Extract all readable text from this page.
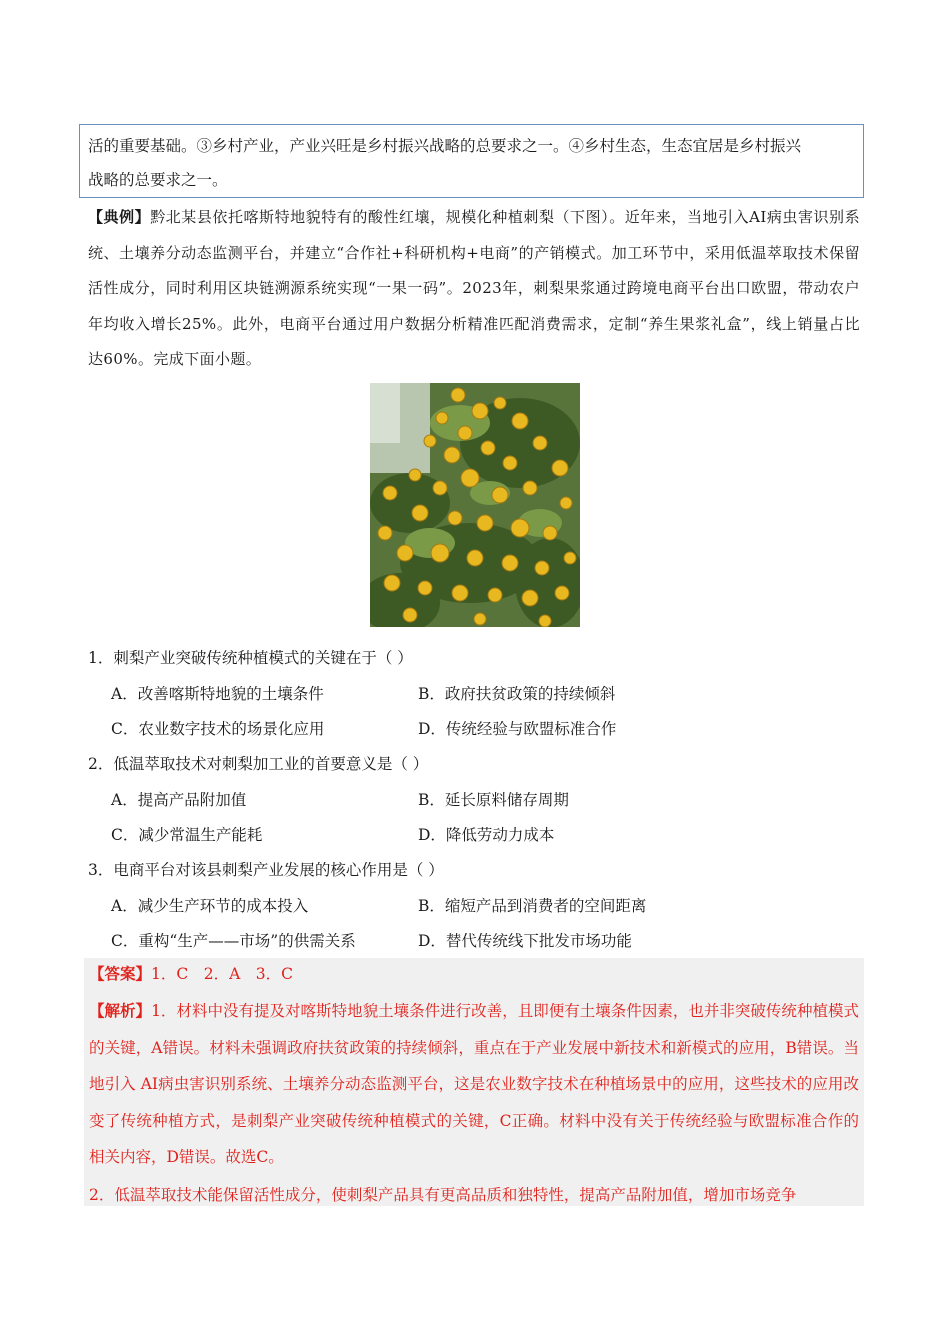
活的重要基础。③乡村产业，产业兴旺是乡村振兴战略的总要求之一。④乡村生态，生态宜居是乡村振兴
战略的总要求之一。
【典例】黔北某县依托喀斯特地貌特有的酸性红壤，规模化种植刺梨（下图）。近年来，当地引入AI病虫害识别系统、土壤养分动态监测平台，并建立“合作社+科研机构+电商”的产销模式。加工环节中，采用低温萃取技术保留活性成分，同时利用区块链溯源系统实现“一果一码”。2023年，刺梨果浆通过跨境电商平台出口欧盟，带动农户年均收入增长25%。此外，电商平台通过用户数据分析精准匹配消费需求，定制“养生果浆礼盒”，线上销量占比达60%。完成下面小题。
1．刺梨产业突破传统种植模式的关键在于（ ）
A．改善喀斯特地貌的土壤条件	B．政府扶贫政策的持续倾斜
C．农业数字技术的场景化应用	D．传统经验与欧盟标准合作
2．低温萃取技术对刺梨加工业的首要意义是（ ）
A．提高产品附加值	B．延长原料储存周期
C．减少常温生产能耗	D．降低劳动力成本
3．电商平台对该县刺梨产业发展的核心作用是（ ）
A．减少生产环节的成本投入	B．缩短产品到消费者的空间距离
C．重构“生产——市场”的供需关系	D．替代传统线下批发市场功能
【答案】1．C　2．A　3．C
【解析】1．材料中没有提及对喀斯特地貌土壤条件进行改善，且即便有土壤条件因素，也并非突破传统种植模式的关键，A错误。材料未强调政府扶贫政策的持续倾斜，重点在于产业发展中新技术和新模式的应用，B错误。当地引入 AI病虫害识别系统、土壤养分动态监测平台，这是农业数字技术在种植场景中的应用，这些技术的应用改变了传统种植方式，是刺梨产业突破传统种植模式的关键，C正确。材料中没有关于传统经验与欧盟标准合作的相关内容，D错误。故选C。
2．低温萃取技术能保留活性成分，使刺梨产品具有更高品质和独特性，提高产品附加值，增加市场竞争
